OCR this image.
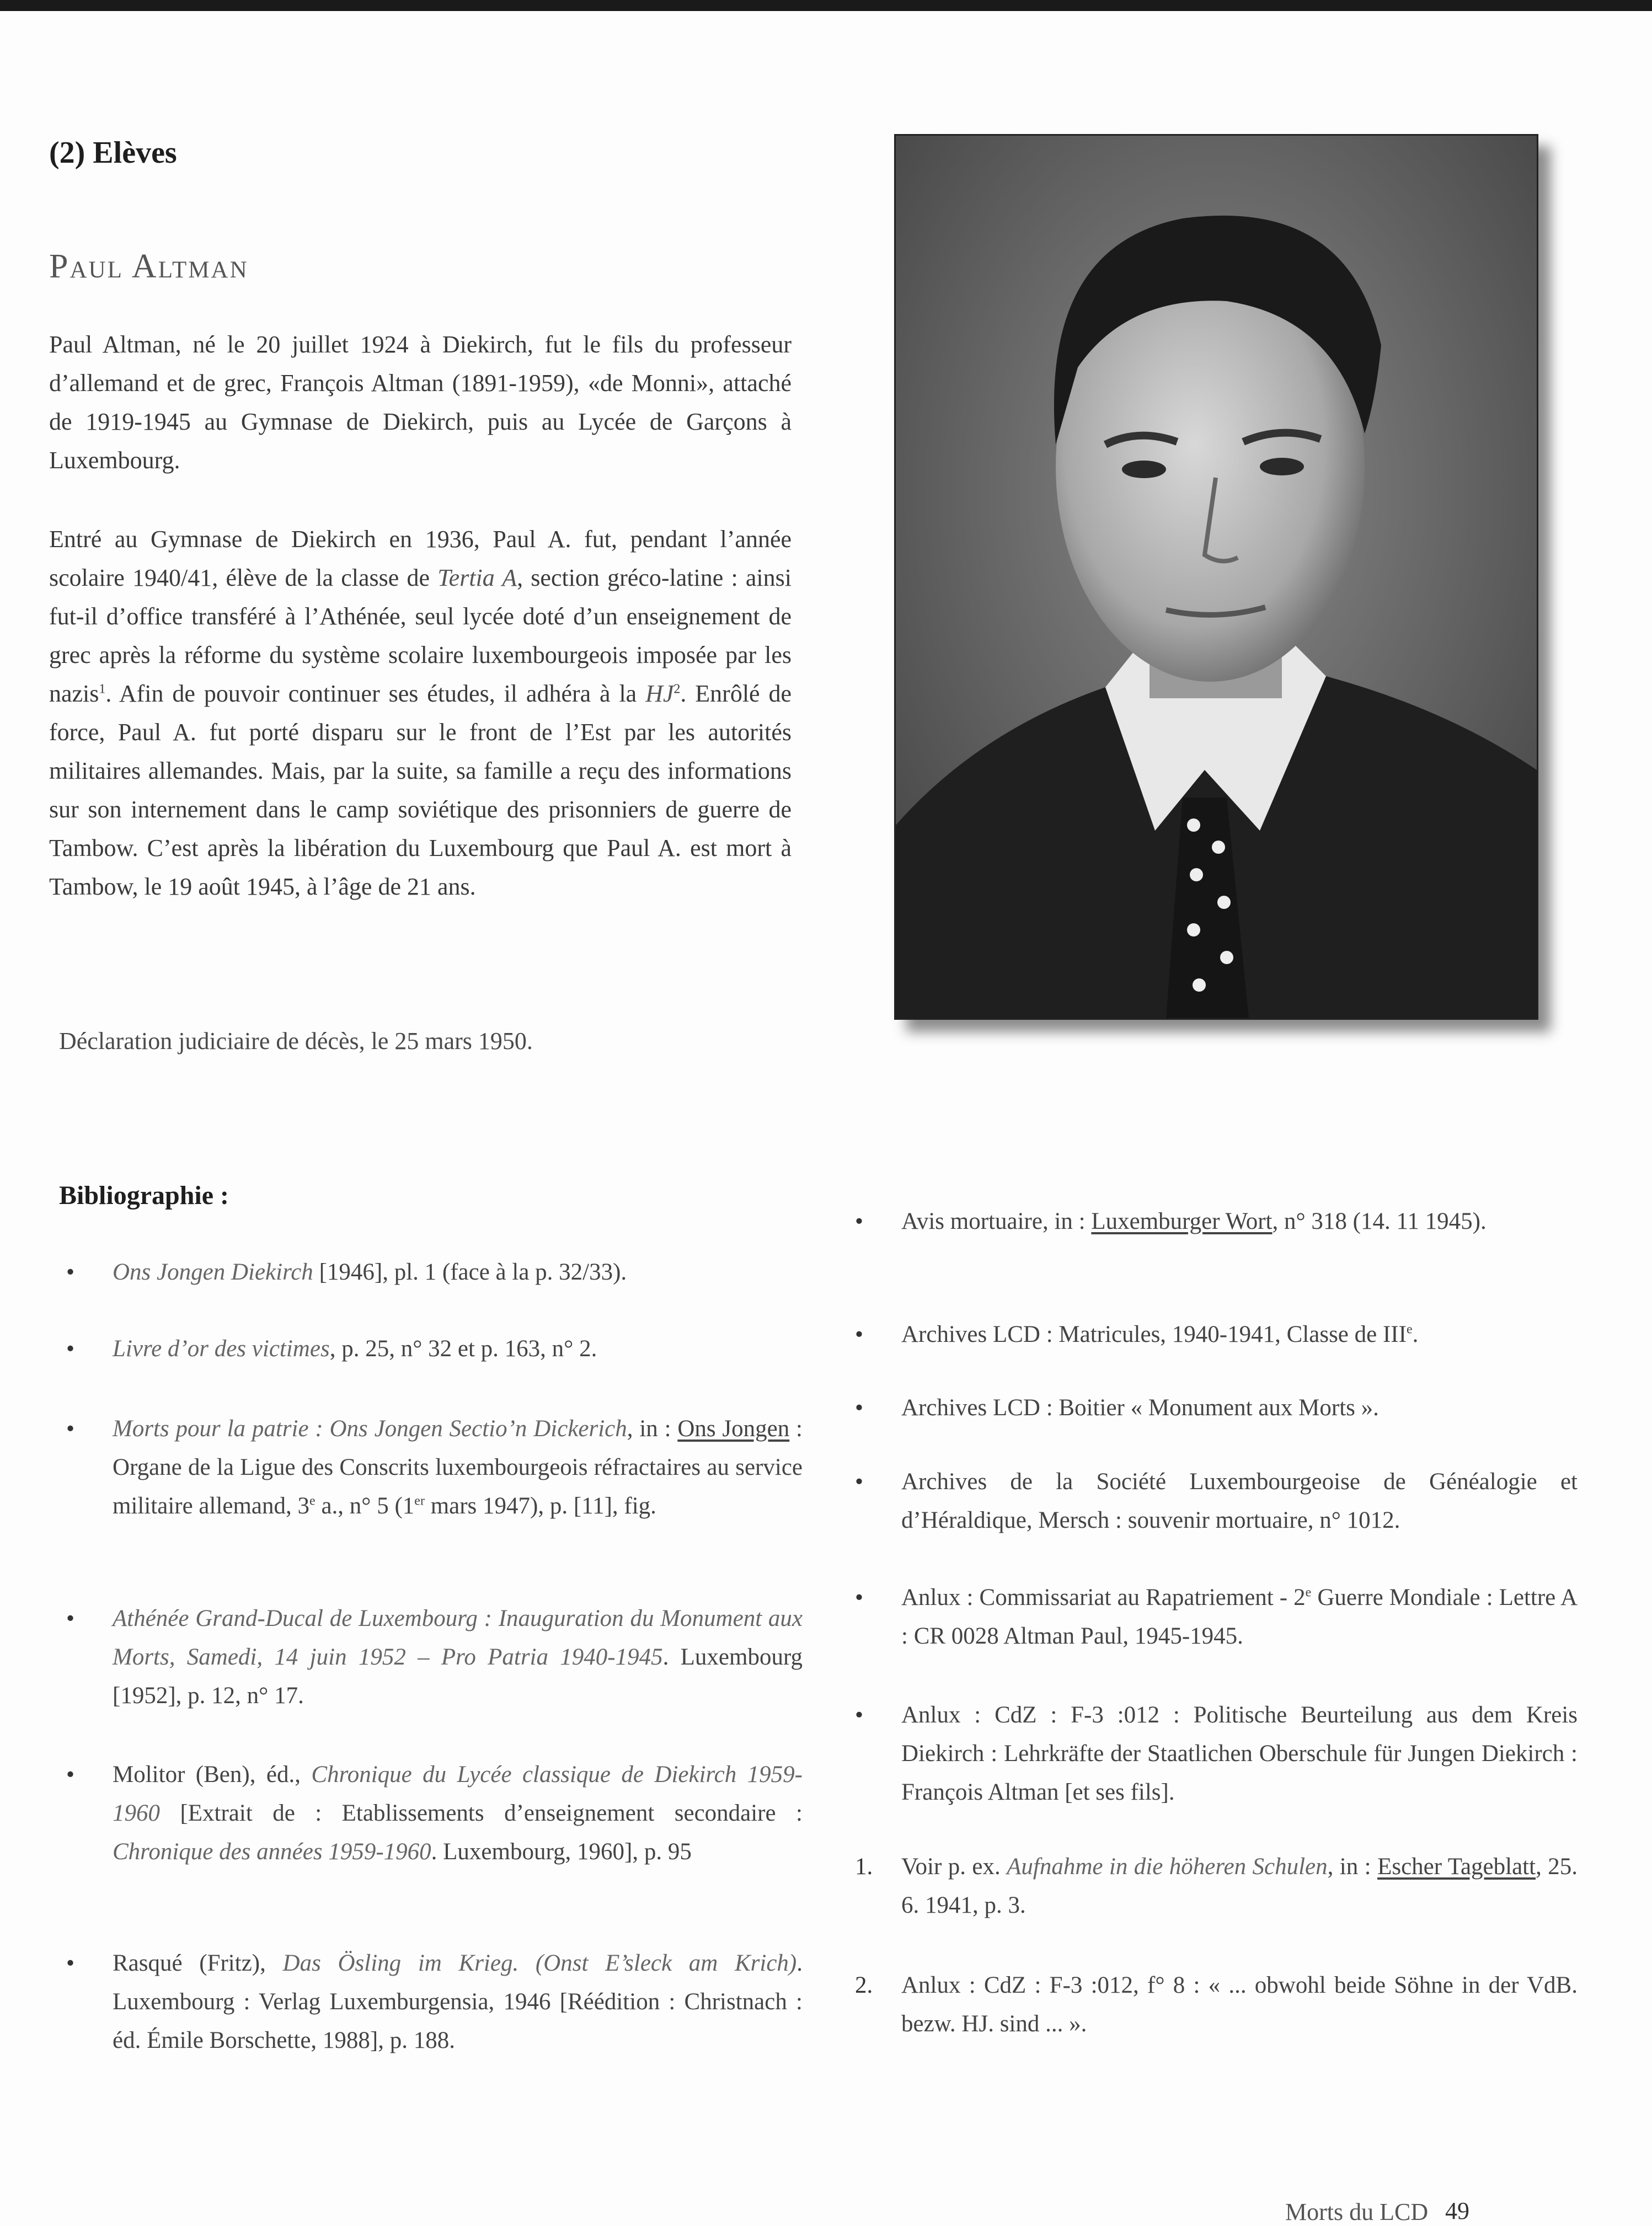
(2) Elèves
Paul Altman
Paul Altman, né le 20 juillet 1924 à Diekirch, fut le fils du professeur d’allemand et de grec, François Altman (1891-1959), «de Monni», attaché de 1919-1945 au Gymnase de Diekirch, puis au Lycée de Garçons à Luxembourg.
Entré au Gymnase de Diekirch en 1936, Paul A. fut, pendant l’année scolaire 1940/41, élève de la classe de Tertia A, section gréco-latine : ainsi fut-il d’office transféré à l’Athénée, seul lycée doté d’un enseignement de grec après la réforme du système scolaire luxembourgeois imposée par les nazis$^1$. Afin de pouvoir continuer ses études, il adhéra à la $HJ^2$. Enrôlé de force, Paul A. fut porté disparu sur le front de l’Est par les autorités militaires allemandes. Mais, par la suite, sa famille a reçu des informations sur son internement dans le camp soviétique des prisonniers de guerre de Tambow. C’est après la libération du Luxembourg que Paul A. est mort à Tambow, le 19 août 1945, à l’âge de 21 ans.
Déclaration judiciaire de décès, le 25 mars 1950.
Bibliographie :
• Ons Jongen Diekirch [1946], pl. 1 (face à la p. 32/33).
• Livre d’or des victimes, p. 25, n° 32 et p. 163, n° 2.
• Morts pour la patrie : Ons Jongen Sectio’n Dickerich, in : Ons Jongen : Organe de la Ligue des Conscrits luxembourgeois réfractaires au service militaire allemand, 3e a., n° 5 (1er mars 1947), p. [11], fig.
• Athénée Grand-Ducal de Luxembourg : Inauguration du Monument aux Morts, Samedi, 14 juin 1952 – Pro Patria 1940-1945. Luxembourg [1952], p. 12, n° 17.
• Molitor (Ben), éd., Chronique du Lycée classique de Diekirch 1959-1960 [Extrait de : Etablissements d’enseignement secondaire : Chronique des années 1959-1960. Luxembourg, 1960], p. 95
• Rasqué (Fritz), Das Ösling im Krieg. (Onst E’sleck am Krich). Luxembourg : Verlag Luxemburgensia, 1946 [Réédition : Christnach : éd. Émile Borschette, 1988], p. 188.
• Avis mortuaire, in : Luxemburger Wort, n° 318 (14. 11 1945).
• Archives LCD : Matricules, 1940-1941, Classe de IIIe.
• Archives LCD : Boitier « Monument aux Morts ».
• Archives de la Société Luxembourgeoise de Généalogie et d’Héraldique, Mersch : souvenir mortuaire, n° 1012.
• Anlux : Commissariat au Rapatriement - 2e Guerre Mondiale : Lettre A : CR 0028 Altman Paul, 1945-1945.
• Anlux : CdZ : F-3 :012 : Politische Beurteilung aus dem Kreis Diekirch : Lehrkräfte der Staatlichen Oberschule für Jungen Diekirch : François Altman [et ses fils].
1. Voir p. ex. Aufnahme in die höheren Schulen, in : Escher Tageblatt, 25. 6. 1941, p. 3.
2. Anlux : CdZ : F-3 :012, f° 8 : « ... obwohl beide Söhne in der VdB. bezw. HJ. sind ... ».
Morts du LCD 49
